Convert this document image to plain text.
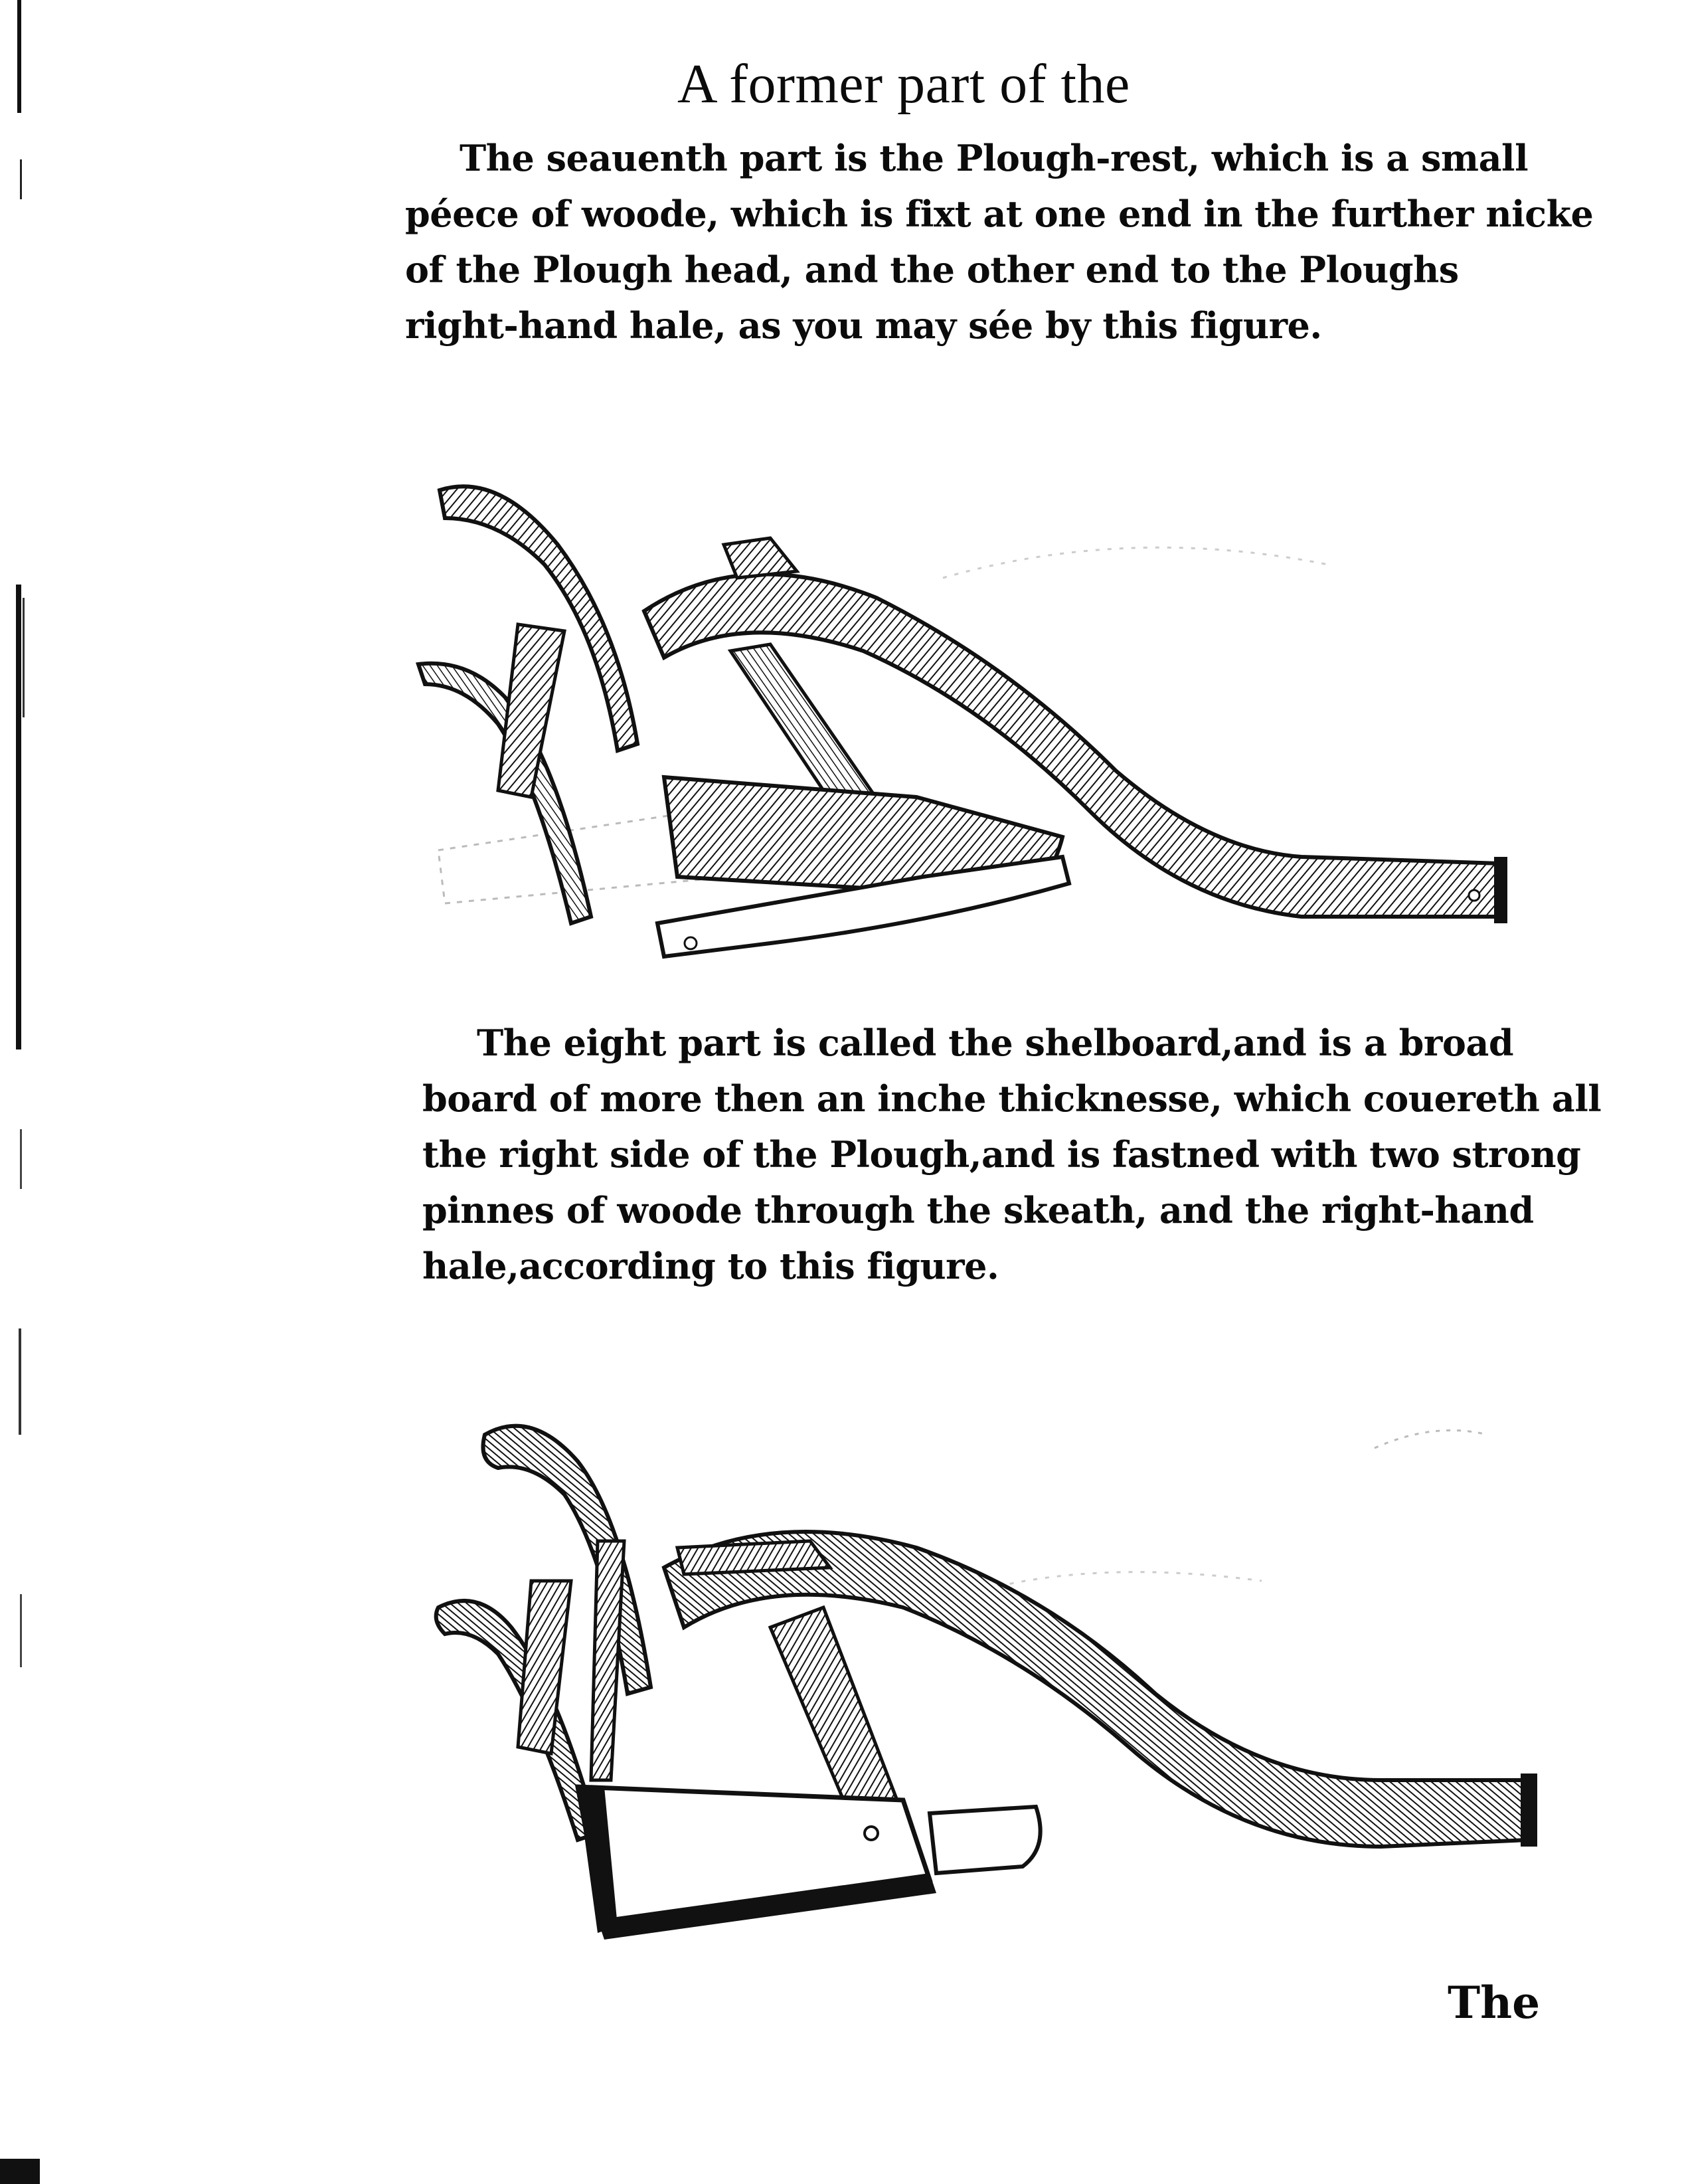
A former part of the

The seauenth part is the Plough-rest, which is a small
péece of woode, which is fixt at one end in the further nicke
of the Plough head, and the other end to the Ploughs
right-hand hale, as you may sée by this figure.

The eight part is called the shelboard,and is a broad
board of more then an inche thicknesse, which couereth all
the right side of the Plough,and is fastned with two strong
pinnes of woode through the skeath, and the right-hand
hale,according to this figure.

The
